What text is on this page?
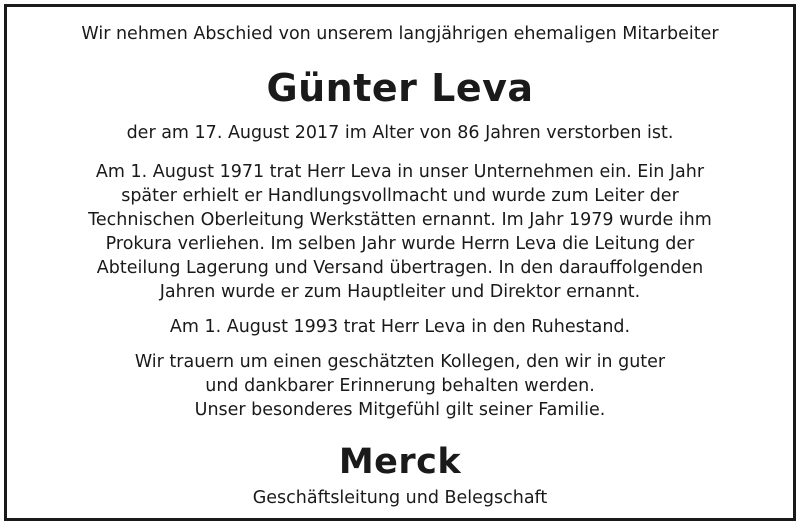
Wir nehmen Abschied von unserem langjährigen ehemaligen Mitarbeiter
Günter Leva
der am 17. August 2017 im Alter von 86 Jahren verstorben ist.
Am 1. August 1971 trat Herr Leva in unser Unternehmen ein. Ein Jahr
später erhielt er Handlungsvollmacht und wurde zum Leiter der
Technischen Oberleitung Werkstätten ernannt. Im Jahr 1979 wurde ihm
Prokura verliehen. Im selben Jahr wurde Herrn Leva die Leitung der
Abteilung Lagerung und Versand übertragen. In den darauffolgenden
Jahren wurde er zum Hauptleiter und Direktor ernannt.
Am 1. August 1993 trat Herr Leva in den Ruhestand.
Wir trauern um einen geschätzten Kollegen, den wir in guter
und dankbarer Erinnerung behalten werden.
Unser besonderes Mitgefühl gilt seiner Familie.
Merck
Geschäftsleitung und Belegschaft
